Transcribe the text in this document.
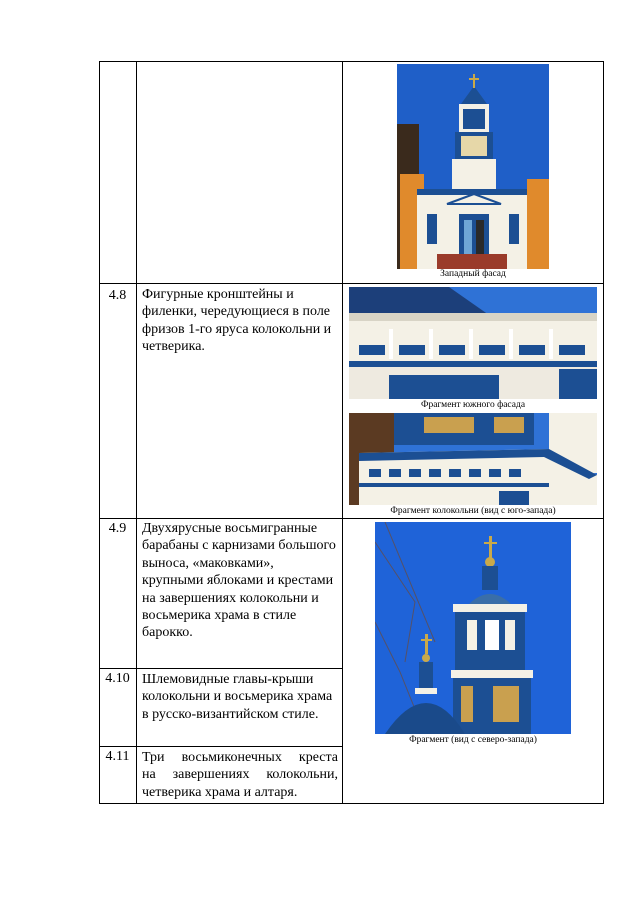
Западный фасад
4.8	Фигурные кронштейны и филенки, чередующиеся в поле фризов 1-го яруса колокольни и четверика.
Фрагмент южного фасада
Фрагмент колокольни (вид с юго-запада)
4.9	Двухярусные восьмигранные барабаны с карнизами большого выноса, «маковками», крупными яблоками и крестами на завершениях колокольни и восьмерика храма в стиле барокко.
Фрагмент (вид с северо-запада)
4.10 Шлемовидные главы-крыши колокольни и восьмерика храма в русско-византийском стиле.
4.11 Три восьмиконечных креста
на завершениях колокольни,
четверика храма и алтаря.
